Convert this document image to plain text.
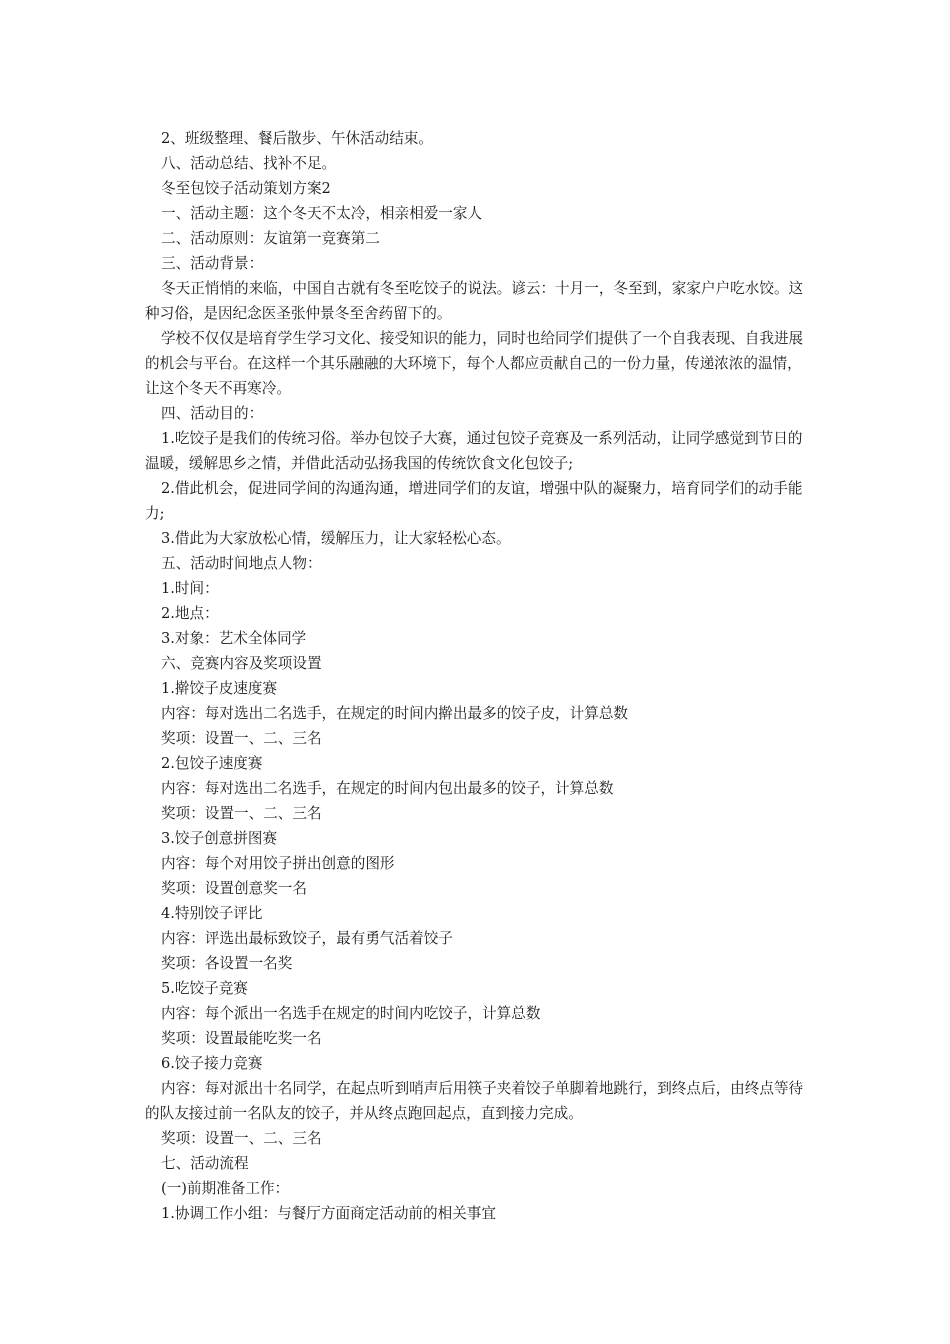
2、班级整理、餐后散步、午休活动结束。

八、活动总结、找补不足。

冬至包饺子活动策划方案2

一、活动主题：这个冬天不太冷，相亲相爱一家人

二、活动原则：友谊第一竞赛第二

三、活动背景：

冬天正悄悄的来临，中国自古就有冬至吃饺子的说法。谚云：十月一，冬至到，家家户户吃水饺。这种习俗，是因纪念医圣张仲景冬至舍药留下的。

学校不仅仅是培育学生学习文化、接受知识的能力，同时也给同学们提供了一个自我表现、自我进展的机会与平台。在这样一个其乐融融的大环境下，每个人都应贡献自己的一份力量，传递浓浓的温情，让这个冬天不再寒冷。

四、活动目的：

1.吃饺子是我们的传统习俗。举办包饺子大赛，通过包饺子竞赛及一系列活动，让同学感觉到节日的温暖，缓解思乡之情，并借此活动弘扬我国的传统饮食文化包饺子;

2.借此机会，促进同学间的沟通沟通，增进同学们的友谊，增强中队的凝聚力，培育同学们的动手能力;

3.借此为大家放松心情，缓解压力，让大家轻松心态。

五、活动时间地点人物：

1.时间：

2.地点：

3.对象：艺术全体同学

六、竞赛内容及奖项设置

1.擀饺子皮速度赛

内容：每对选出二名选手，在规定的时间内擀出最多的饺子皮，计算总数

奖项：设置一、二、三名

2.包饺子速度赛

内容：每对选出二名选手，在规定的时间内包出最多的饺子，计算总数

奖项：设置一、二、三名

3.饺子创意拼图赛

内容：每个对用饺子拼出创意的图形

奖项：设置创意奖一名

4.特别饺子评比

内容：评选出最标致饺子，最有勇气活着饺子

奖项：各设置一名奖

5.吃饺子竞赛

内容：每个派出一名选手在规定的时间内吃饺子，计算总数

奖项：设置最能吃奖一名

6.饺子接力竞赛

内容：每对派出十名同学，在起点听到哨声后用筷子夹着饺子单脚着地跳行，到终点后，由终点等待的队友接过前一名队友的饺子，并从终点跑回起点，直到接力完成。

奖项：设置一、二、三名

七、活动流程

(一)前期准备工作：

1.协调工作小组：与餐厅方面商定活动前的相关事宜
